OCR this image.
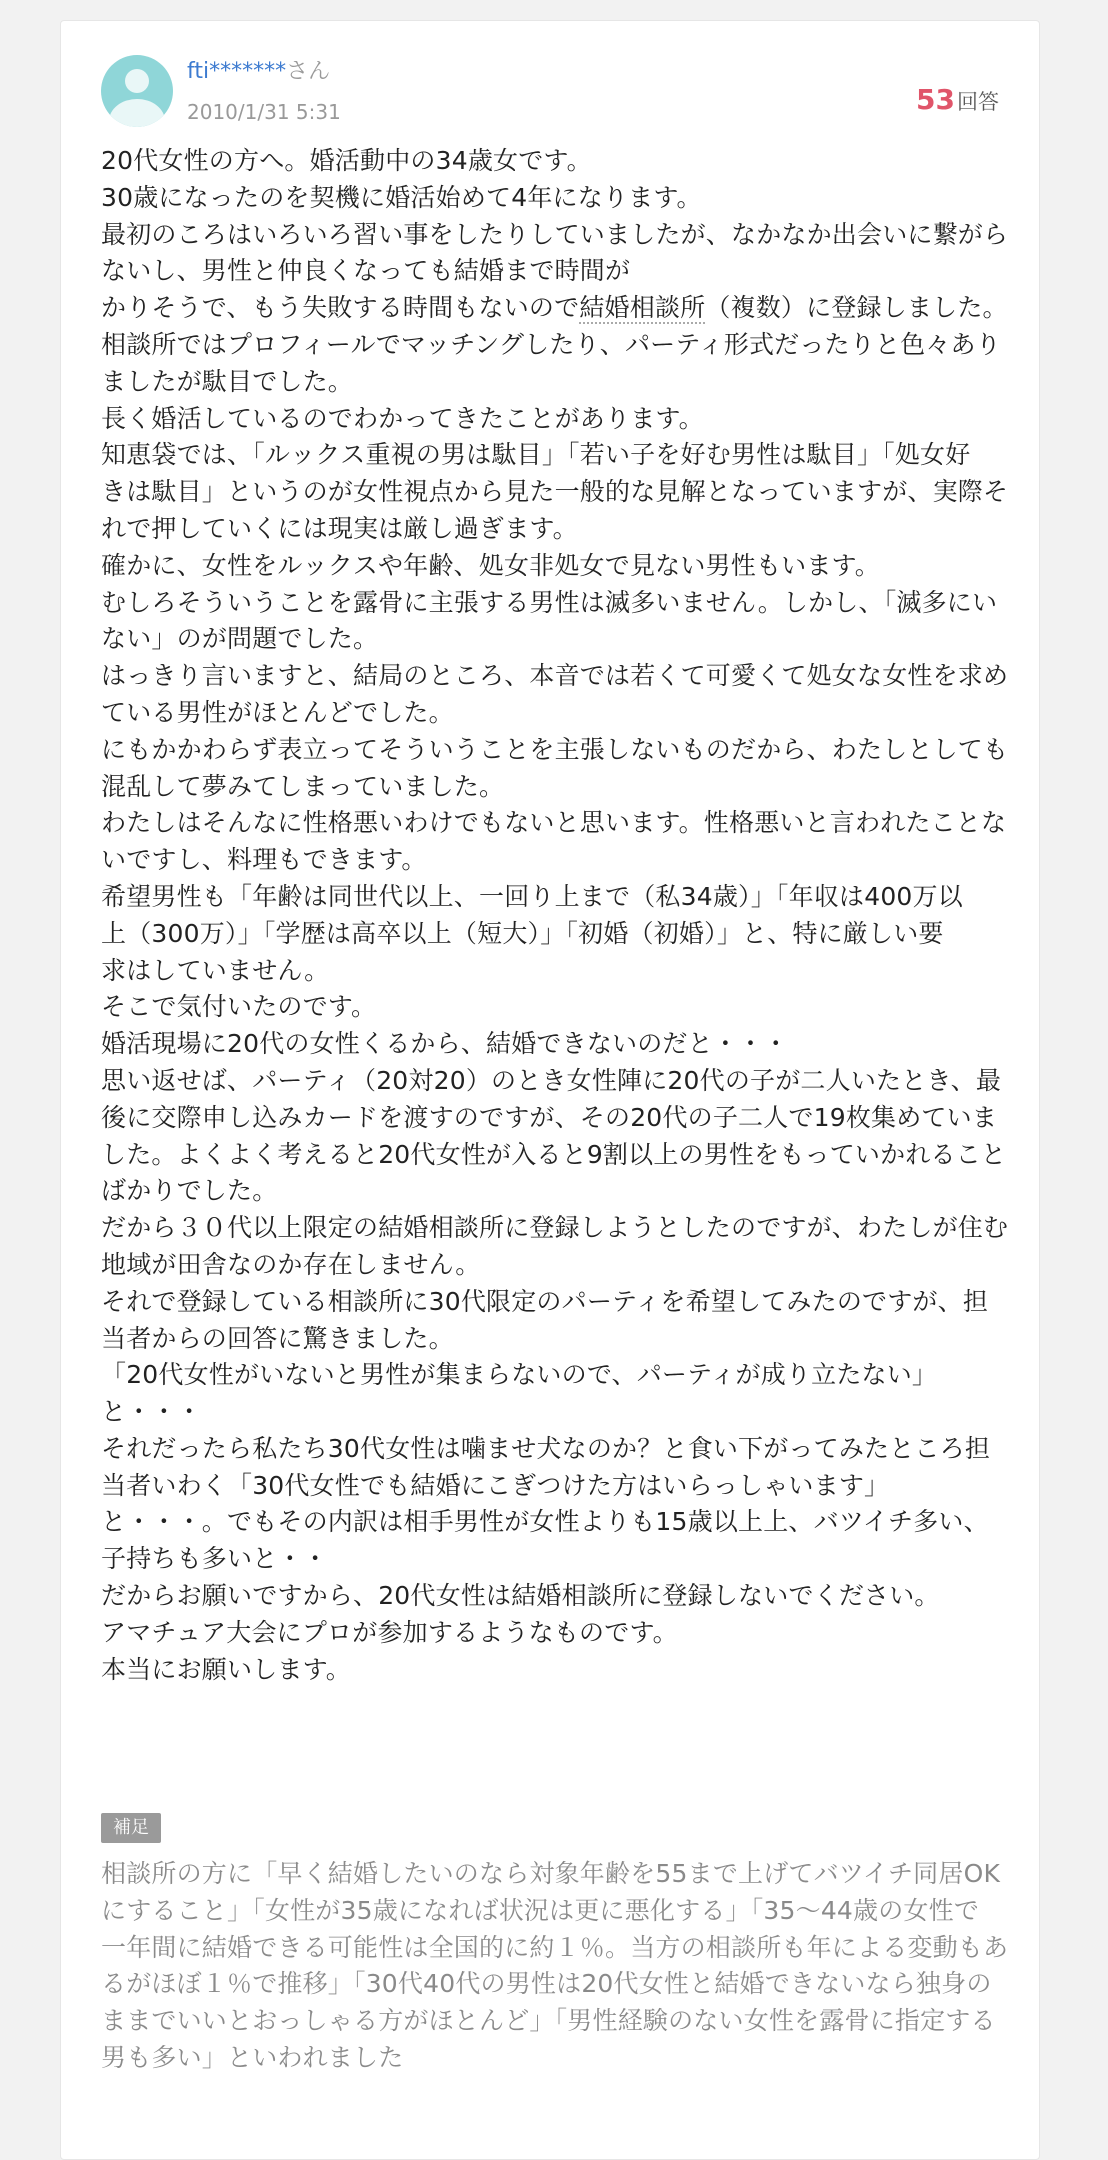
fti*******さん
2010/1/31 5:31	53回答
20代女性の方へ。婚活動中の34歳女です。
30歳になったのを契機に婚活始めて4年になります。
最初のころはいろいろ習い事をしたりしていましたが、なかなか出会いに繋がら
ないし、男性と仲良くなっても結婚まで時間が
かりそうで、もう失敗する時間もないので結婚相談所（複数）に登録しました。
相談所ではプロフィールでマッチングしたり、パーティ形式だったりと色々あり
ましたが駄目でした。
長く婚活しているのでわかってきたことがあります。
知恵袋では、「ルックス重視の男は駄目」「若い子を好む男性は駄目」「処女好
きは駄目」というのが女性視点から見た一般的な見解となっていますが、実際そ
れで押していくには現実は厳し過ぎます。
確かに、女性をルックスや年齢、処女非処女で見ない男性もいます。
むしろそういうことを露骨に主張する男性は滅多いません。しかし、「滅多にい
ない」のが問題でした。
はっきり言いますと、結局のところ、本音では若くて可愛くて処女な女性を求め
ている男性がほとんどでした。
にもかかわらず表立ってそういうことを主張しないものだから、わたしとしても
混乱して夢みてしまっていました。
わたしはそんなに性格悪いわけでもないと思います。性格悪いと言われたことな
いですし、料理もできます。
希望男性も「年齢は同世代以上、一回り上まで（私34歳）」「年収は400万以
上（300万）」「学歴は高卒以上（短大）」「初婚（初婚）」と、特に厳しい要
求はしていません。
そこで気付いたのです。
婚活現場に20代の女性くるから、結婚できないのだと・・・
思い返せば、パーティ（20対20）のとき女性陣に20代の子が二人いたとき、最
後に交際申し込みカードを渡すのですが、その20代の子二人で19枚集めていま
した。よくよく考えると20代女性が入ると9割以上の男性をもっていかれること
ばかりでした。
だから３０代以上限定の結婚相談所に登録しようとしたのですが、わたしが住む
地域が田舎なのか存在しません。
それで登録している相談所に30代限定のパーティを希望してみたのですが、担
当者からの回答に驚きました。
「20代女性がいないと男性が集まらないので、パーティが成り立たない」
と・・・
それだったら私たち30代女性は噛ませ犬なのか？と食い下がってみたところ担
当者いわく「30代女性でも結婚にこぎつけた方はいらっしゃいます」
と・・・。でもその内訳は相手男性が女性よりも15歳以上上、バツイチ多い、
子持ちも多いと・・
だからお願いですから、20代女性は結婚相談所に登録しないでください。
アマチュア大会にプロが参加するようなものです。
本当にお願いします。
補足
相談所の方に「早く結婚したいのなら対象年齢を55まで上げてバツイチ同居OK
にすること」「女性が35歳になれば状況は更に悪化する」「35〜44歳の女性で
一年間に結婚できる可能性は全国的に約１％。当方の相談所も年による変動もあ
るがほぼ１％で推移」「30代40代の男性は20代女性と結婚できないなら独身の
ままでいいとおっしゃる方がほとんど」「男性経験のない女性を露骨に指定する
男も多い」といわれました
